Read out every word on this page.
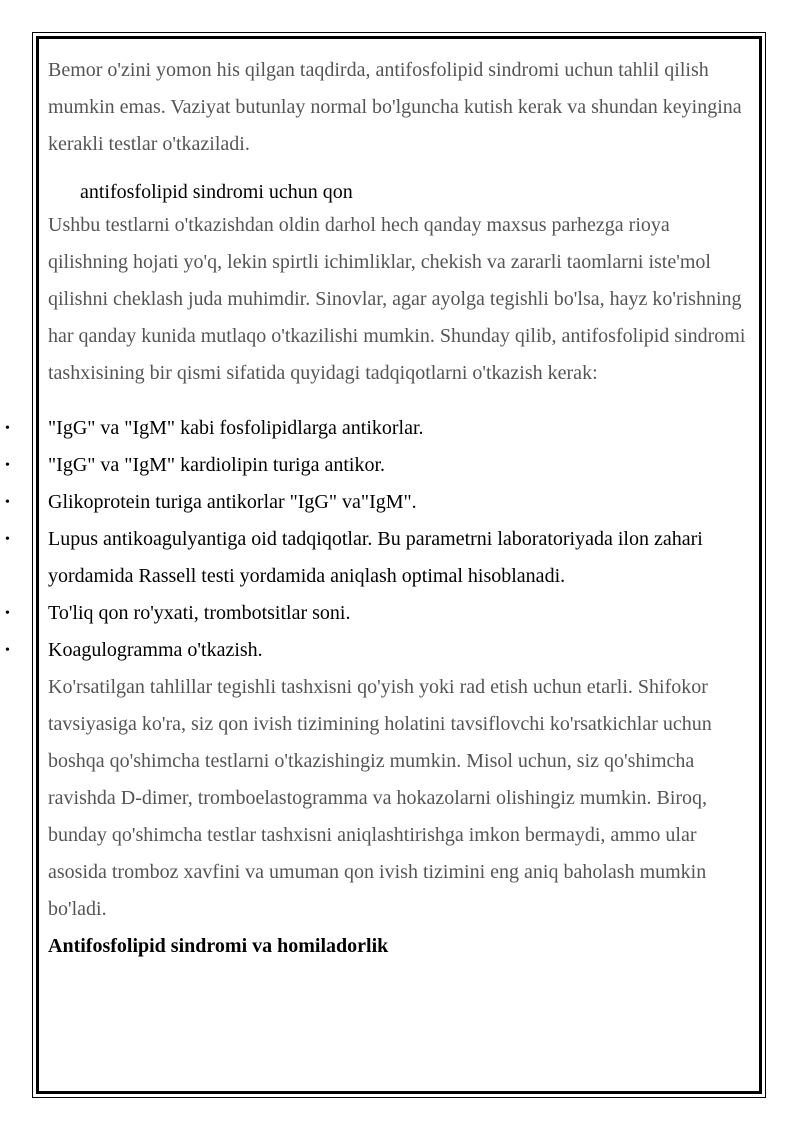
Bemor o'zini yomon his qilgan taqdirda, antifosfolipid sindromi uchun tahlil qilish mumkin emas. Vaziyat butunlay normal bo'lguncha kutish kerak va shundan keyingina kerakli testlar o'tkaziladi.

antifosfolipid sindromi uchun qon

Ushbu testlarni o'tkazishdan oldin darhol hech qanday maxsus parhezga rioya qilishning hojati yo'q, lekin spirtli ichimliklar, chekish va zararli taomlarni iste'mol qilishni cheklash juda muhimdir. Sinovlar, agar ayolga tegishli bo'lsa, hayz ko'rishning har qanday kunida mutlaqo o'tkazilishi mumkin. Shunday qilib, antifosfolipid sindromi tashxisining bir qismi sifatida quyidagi tadqiqotlarni o'tkazish kerak:

• "IgG" va "IgM" kabi fosfolipidlarga antikorlar.
• "IgG" va "IgM" kardiolipin turiga antikor.
• Glikoprotein turiga antikorlar "IgG" va"IgM".
• Lupus antikoagulyantiga oid tadqiqotlar. Bu parametrni laboratoriyada ilon zahari yordamida Rassell testi yordamida aniqlash optimal hisoblanadi.
• To'liq qon ro'yxati, trombotsitlar soni.
• Koagulogramma o'tkazish.

Ko'rsatilgan tahlillar tegishli tashxisni qo'yish yoki rad etish uchun etarli. Shifokor tavsiyasiga ko'ra, siz qon ivish tizimining holatini tavsiflovchi ko'rsatkichlar uchun boshqa qo'shimcha testlarni o'tkazishingiz mumkin. Misol uchun, siz qo'shimcha ravishda D-dimer, tromboelastogramma va hokazolarni olishingiz mumkin. Biroq, bunday qo'shimcha testlar tashxisni aniqlashtirishga imkon bermaydi, ammo ular asosida tromboz xavfini va umuman qon ivish tizimini eng aniq baholash mumkin bo'ladi.

Antifosfolipid sindromi va homiladorlik
